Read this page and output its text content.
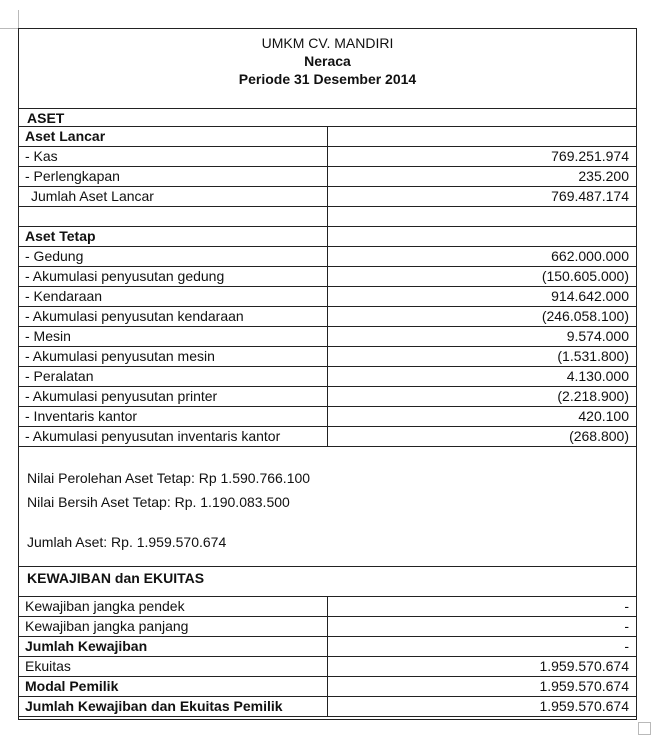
UMKM CV. MANDIRI
Neraca
Periode 31 Desember 2014
ASET
Aset Lancar
- Kas	769.251.974
- Perlengkapan	235.200
Jumlah Aset Lancar	769.487.174
Aset Tetap
- Gedung	662.000.000
- Akumulasi penyusutan gedung	(150.605.000)
- Kendaraan	914.642.000
- Akumulasi penyusutan kendaraan	(246.058.100)
- Mesin	9.574.000
- Akumulasi penyusutan mesin	(1.531.800)
- Peralatan	4.130.000
- Akumulasi penyusutan printer	(2.218.900)
- Inventaris kantor	420.100
- Akumulasi penyusutan inventaris kantor	(268.800)
Nilai Perolehan Aset Tetap: Rp 1.590.766.100
Nilai Bersih Aset Tetap: Rp. 1.190.083.500
Jumlah Aset: Rp. 1.959.570.674
KEWAJIBAN dan EKUITAS
Kewajiban jangka pendek	-
Kewajiban jangka panjang	-
Jumlah Kewajiban	-
Ekuitas	1.959.570.674
Modal Pemilik	1.959.570.674
Jumlah Kewajiban dan Ekuitas Pemilik	1.959.570.674
